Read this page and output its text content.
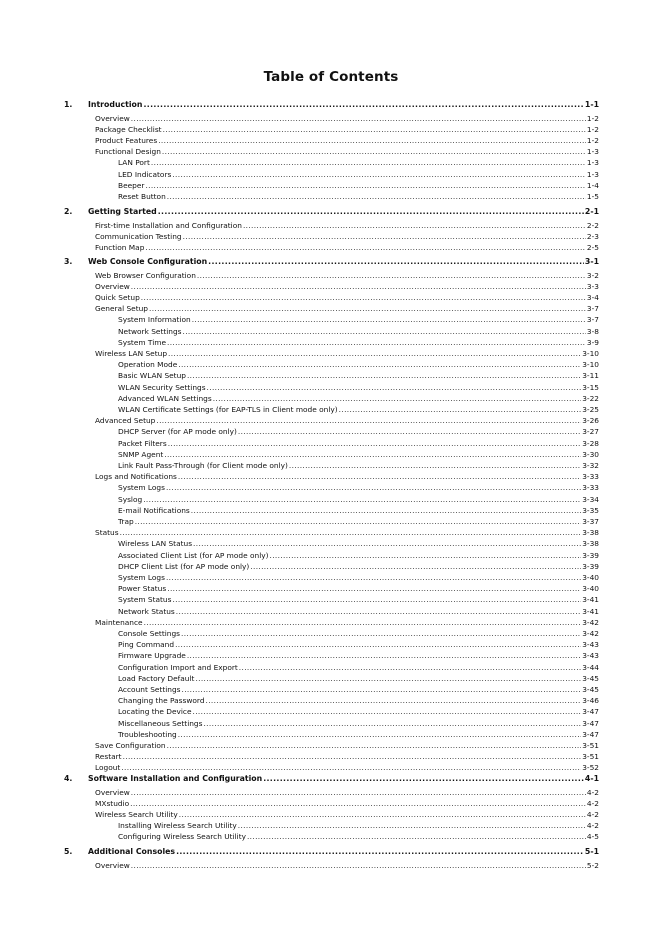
Table of Contents
1. Introduction .....	1-1
Overview .....	1-2
Package Checklist .....	1-2
Product Features .....	1-2
Functional Design .....	1-3
LAN Port .....	1-3
LED Indicators .....	1-3
Beeper .....	1-4
Reset Button .....	1-5
2. Getting Started .....	2-1
First-time Installation and Configuration .....	2-2
Communication Testing .....	2-3
Function Map .....	2-5
3. Web Console Configuration .....	3-1
Web Browser Configuration .....	3-2
Overview .....	3-3
Quick Setup .....	3-4
General Setup .....	3-7
System Information .....	3-7
Network Settings .....	3-8
System Time .....	3-9
Wireless LAN Setup .....	3-10
Operation Mode .....	3-10
Basic WLAN Setup .....	3-11
WLAN Security Settings .....	3-15
Advanced WLAN Settings .....	3-22
WLAN Certificate Settings (for EAP-TLS in Client mode only) .....	3-25
Advanced Setup .....	3-26
DHCP Server (for AP mode only) .....	3-27
Packet Filters .....	3-28
SNMP Agent .....	3-30
Link Fault Pass-Through (for Client mode only) .....	3-32
Logs and Notifications .....	3-33
System Logs .....	3-33
Syslog .....	3-34
E-mail Notifications .....	3-35
Trap .....	3-37
Status .....	3-38
Wireless LAN Status .....	3-38
Associated Client List (for AP mode only) .....	3-39
DHCP Client List (for AP mode only) .....	3-39
System Logs .....	3-40
Power Status .....	3-40
System Status .....	3-41
Network Status .....	3-41
Maintenance .....	3-42
Console Settings .....	3-42
Ping Command .....	3-43
Firmware Upgrade .....	3-43
Configuration Import and Export .....	3-44
Load Factory Default .....	3-45
Account Settings .....	3-45
Changing the Password .....	3-46
Locating the Device .....	3-47
Miscellaneous Settings .....	3-47
Troubleshooting .....	3-47
Save Configuration .....	3-51
Restart .....	3-51
Logout .....	3-52
4. Software Installation and Configuration .....	4-1
Overview .....	4-2
MXstudio .....	4-2
Wireless Search Utility .....	4-2
Installing Wireless Search Utility .....	4-2
Configuring Wireless Search Utility .....	4-5
5. Additional Consoles .....	5-1
Overview .....	5-2
